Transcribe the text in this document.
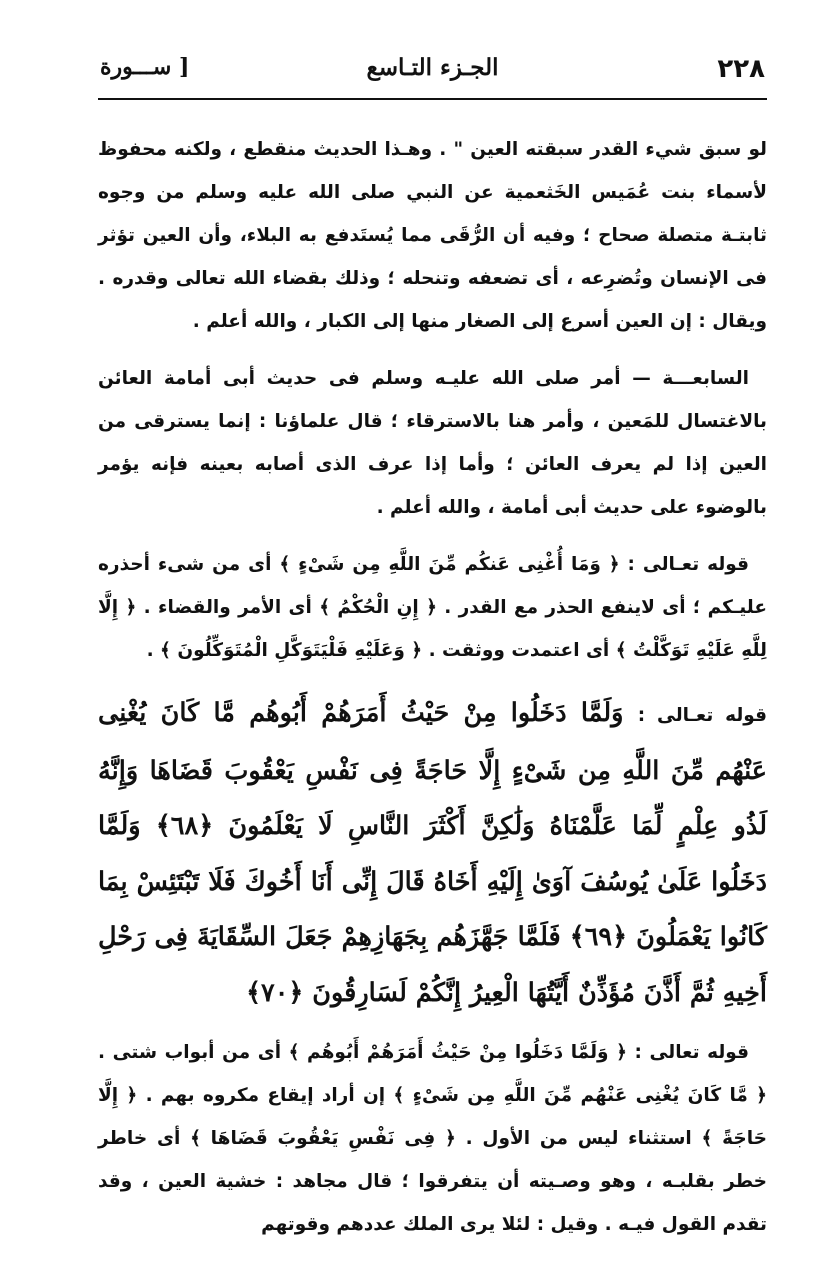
٢٢٨
الجـزء التـاسع
[ ســـورة

لو سبق شيء القدر سبقته العين " . وهـذا الحديث منقطع ، ولكنه محفوظ لأسماء بنت عُمَيس الخَثعمية عن النبي صلى الله عليه وسلم من وجوه ثابتـة متصلة صحاح ؛ وفيه أن الرُّقَى مما يُستَدفع به البلاء، وأن العين تؤثر فى الإنسان وتُضرِعه ، أى تضعفه وتنحله ؛ وذلك بقضاء الله تعالى وقدره . ويقال : إن العين أسرع إلى الصغار منها إلى الكبار ، والله أعلم .

السابعـــة — أمر صلى الله عليـه وسلم فى حديث أبى أمامة العائن بالاغتسال للمَعين ، وأمر هنا بالاسترقاء ؛ قال علماؤنا : إنما يسترقى من العين إذا لم يعرف العائن ؛ وأما إذا عرف الذى أصابه بعينه فإنه يؤمر بالوضوء على حديث أبى أمامة ، والله أعلم .

قوله تعـالى : ﴿ وَمَا أُغْنِى عَنكُم مِّنَ اللَّهِ مِن شَىْءٍ ﴾ أى من شىء أحذره عليـكم ؛ أى لاينفع الحذر مع القدر . ﴿ إِنِ الْحُكْمُ ﴾ أى الأمر والقضاء . ﴿ إِلَّا لِلَّهِ عَلَيْهِ تَوَكَّلْتُ ﴾ أى اعتمدت ووثقت . ﴿ وَعَلَيْهِ فَلْيَتَوَكَّلِ الْمُتَوَكِّلُونَ ﴾ .

قوله تعـالى : وَلَمَّا دَخَلُوا مِنْ حَيْثُ أَمَرَهُمْ أَبُوهُم مَّا كَانَ يُغْنِى عَنْهُم مِّنَ اللَّهِ مِن شَىْءٍ إِلَّا حَاجَةً فِى نَفْسِ يَعْقُوبَ قَضَاهَا وَإِنَّهُ لَذُو عِلْمٍ لِّمَا عَلَّمْنَاهُ وَلَٰكِنَّ أَكْثَرَ النَّاسِ لَا يَعْلَمُونَ ﴿٦٨﴾ وَلَمَّا دَخَلُوا عَلَىٰ يُوسُفَ آوَىٰ إِلَيْهِ أَخَاهُ قَالَ إِنِّى أَنَا أَخُوكَ فَلَا تَبْتَئِسْ بِمَا كَانُوا يَعْمَلُونَ ﴿٦٩﴾ فَلَمَّا جَهَّزَهُم بِجَهَازِهِمْ جَعَلَ السِّقَايَةَ فِى رَحْلِ أَخِيهِ ثُمَّ أَذَّنَ مُؤَذِّنٌ أَيَّتُهَا الْعِيرُ إِنَّكُمْ لَسَارِقُونَ ﴿٧٠﴾

قوله تعالى : ﴿ وَلَمَّا دَخَلُوا مِنْ حَيْثُ أَمَرَهُمْ أَبُوهُم ﴾ أى من أبواب شتى . ﴿ مَّا كَانَ يُغْنِى عَنْهُم مِّنَ اللَّهِ مِن شَىْءٍ ﴾ إن أراد إيقاع مكروه بهم . ﴿ إِلَّا حَاجَةً ﴾ استثناء ليس من الأول . ﴿ فِى نَفْسِ يَعْقُوبَ قَضَاهَا ﴾ أى خاطر خطر بقلبـه ، وهو وصـيته أن يتفرقوا ؛ قال مجاهد : خشية العين ، وقد تقدم القول فيـه . وقيل : لئلا يرى الملك عددهم وقوتهم
